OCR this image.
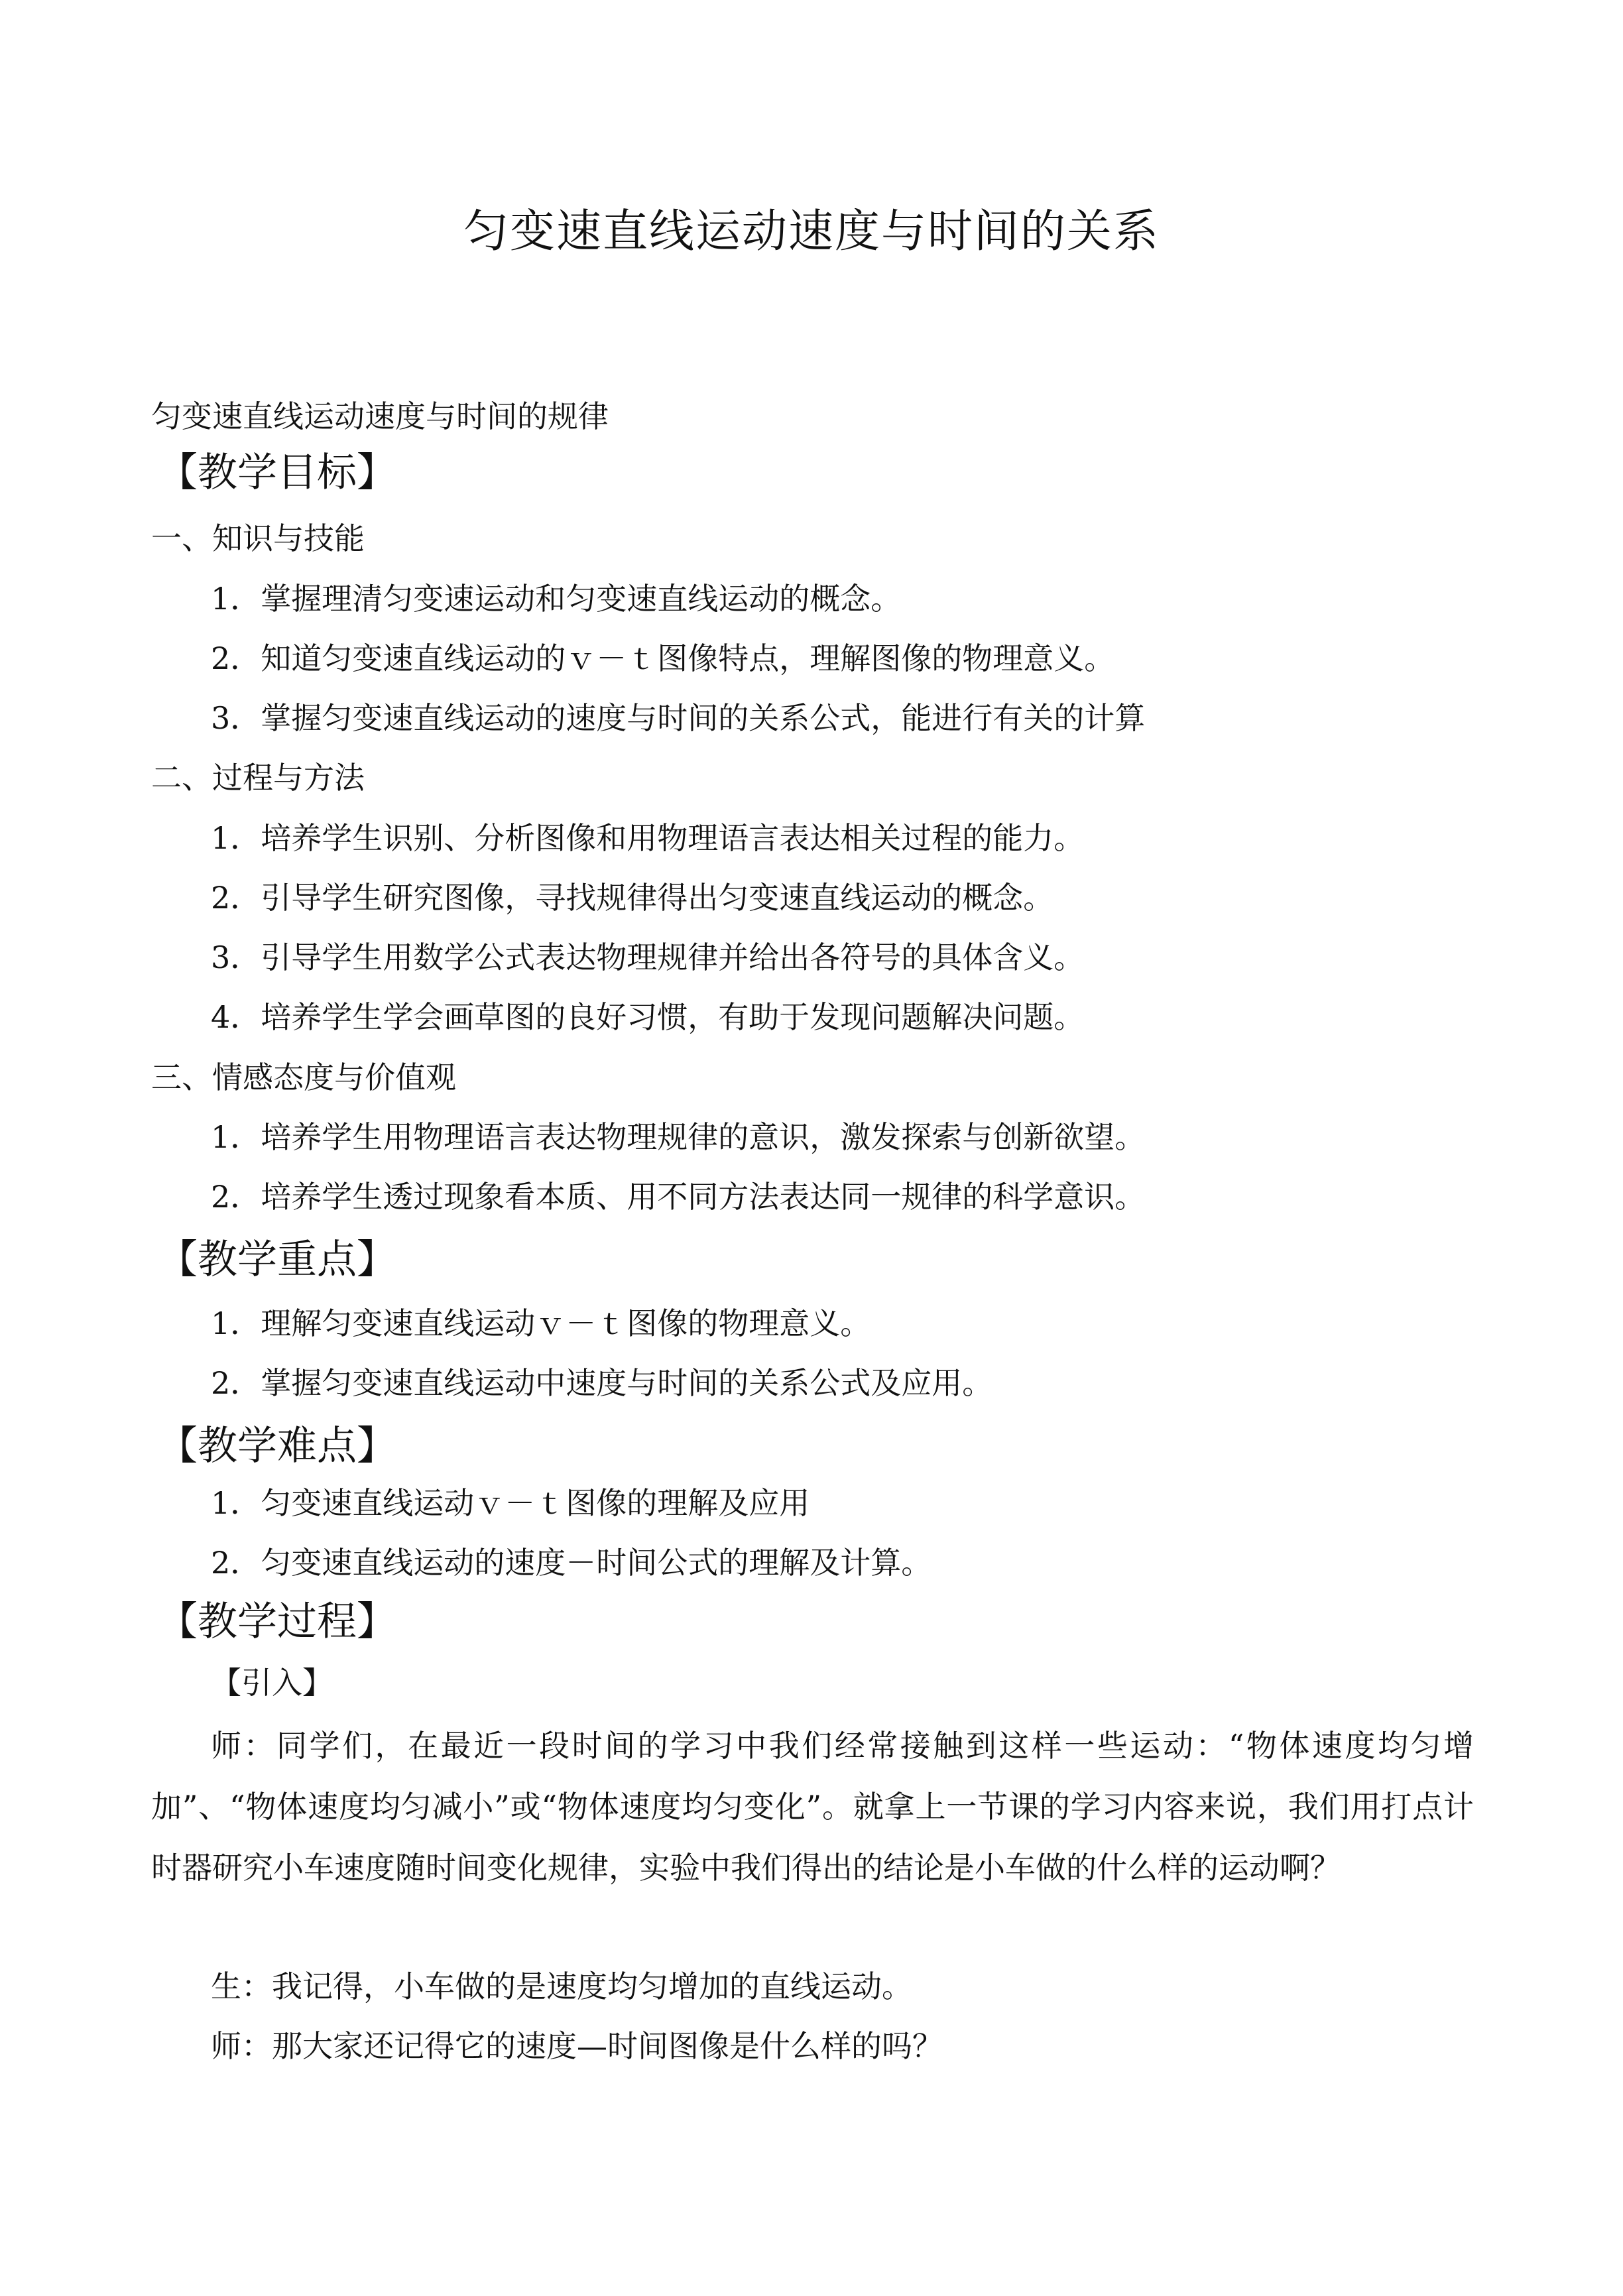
匀变速直线运动速度与时间的关系
匀变速直线运动速度与时间的规律
【教学目标】
一、知识与技能
1．掌握理清匀变速运动和匀变速直线运动的概念。
2．知道匀变速直线运动的ｖ－ｔ图像特点，理解图像的物理意义。
3．掌握匀变速直线运动的速度与时间的关系公式，能进行有关的计算
二、过程与方法
1．培养学生识别、分析图像和用物理语言表达相关过程的能力。
2．引导学生研究图像，寻找规律得出匀变速直线运动的概念。
3．引导学生用数学公式表达物理规律并给出各符号的具体含义。
4．培养学生学会画草图的良好习惯，有助于发现问题解决问题。
三、情感态度与价值观
1．培养学生用物理语言表达物理规律的意识，激发探索与创新欲望。
2．培养学生透过现象看本质、用不同方法表达同一规律的科学意识。
【教学重点】
1．理解匀变速直线运动ｖ－ｔ图像的物理意义。
2．掌握匀变速直线运动中速度与时间的关系公式及应用。
【教学难点】
1．匀变速直线运动ｖ－ｔ图像的理解及应用
2．匀变速直线运动的速度－时间公式的理解及计算。
【教学过程】
【引入】
师：同学们，在最近一段时间的学习中我们经常接触到这样一些运动：“物体速度均匀增加”、“物体速度均匀减小”或“物体速度均匀变化”。就拿上一节课的学习内容来说，我们用打点计时器研究小车速度随时间变化规律，实验中我们得出的结论是小车做的什么样的运动啊？
生：我记得，小车做的是速度均匀增加的直线运动。
师：那大家还记得它的速度—时间图像是什么样的吗？
